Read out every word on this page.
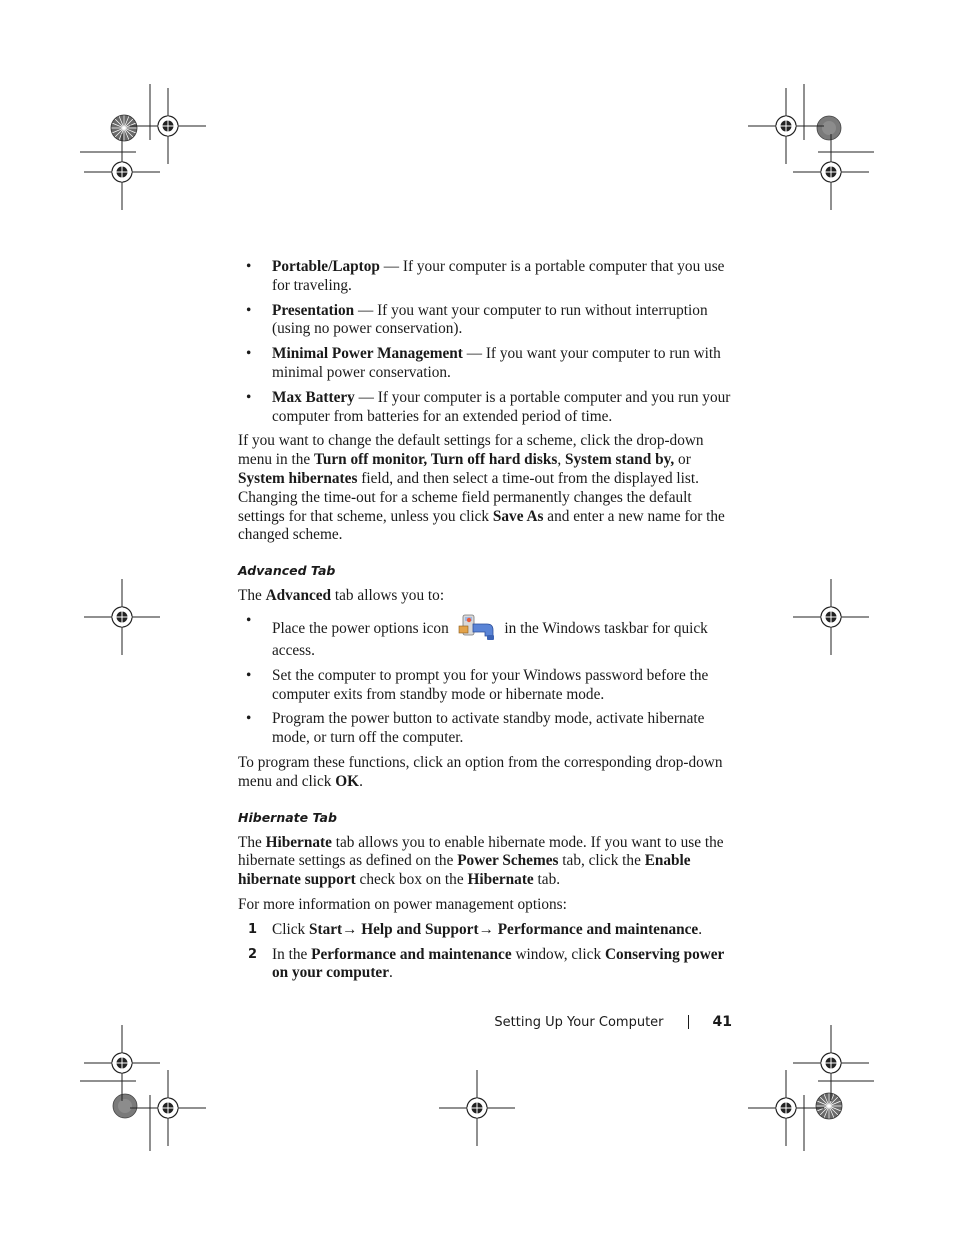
• Portable/Laptop — If your computer is a portable computer that you use for traveling.
• Presentation — If you want your computer to run without interruption (using no power conservation).
• Minimal Power Management — If you want your computer to run with minimal power conservation.
• Max Battery — If your computer is a portable computer and you run your computer from batteries for an extended period of time.

If you want to change the default settings for a scheme, click the drop-down menu in the Turn off monitor, Turn off hard disks, System stand by, or System hibernates field, and then select a time-out from the displayed list. Changing the time-out for a scheme field permanently changes the default settings for that scheme, unless you click Save As and enter a new name for the changed scheme.

Advanced Tab

The Advanced tab allows you to:

• Place the power options icon	in the Windows taskbar for quick access.
• Set the computer to prompt you for your Windows password before the computer exits from standby mode or hibernate mode.
• Program the power button to activate standby mode, activate hibernate mode, or turn off the computer.

To program these functions, click an option from the corresponding drop-down menu and click OK.

Hibernate Tab

The Hibernate tab allows you to enable hibernate mode. If you want to use the hibernate settings as defined on the Power Schemes tab, click the Enable hibernate support check box on the Hibernate tab.

For more information on power management options:

1 Click Start→ Help and Support→ Performance and maintenance.
2 In the Performance and maintenance window, click Conserving power on your computer.
Setting Up Your Computer	41
